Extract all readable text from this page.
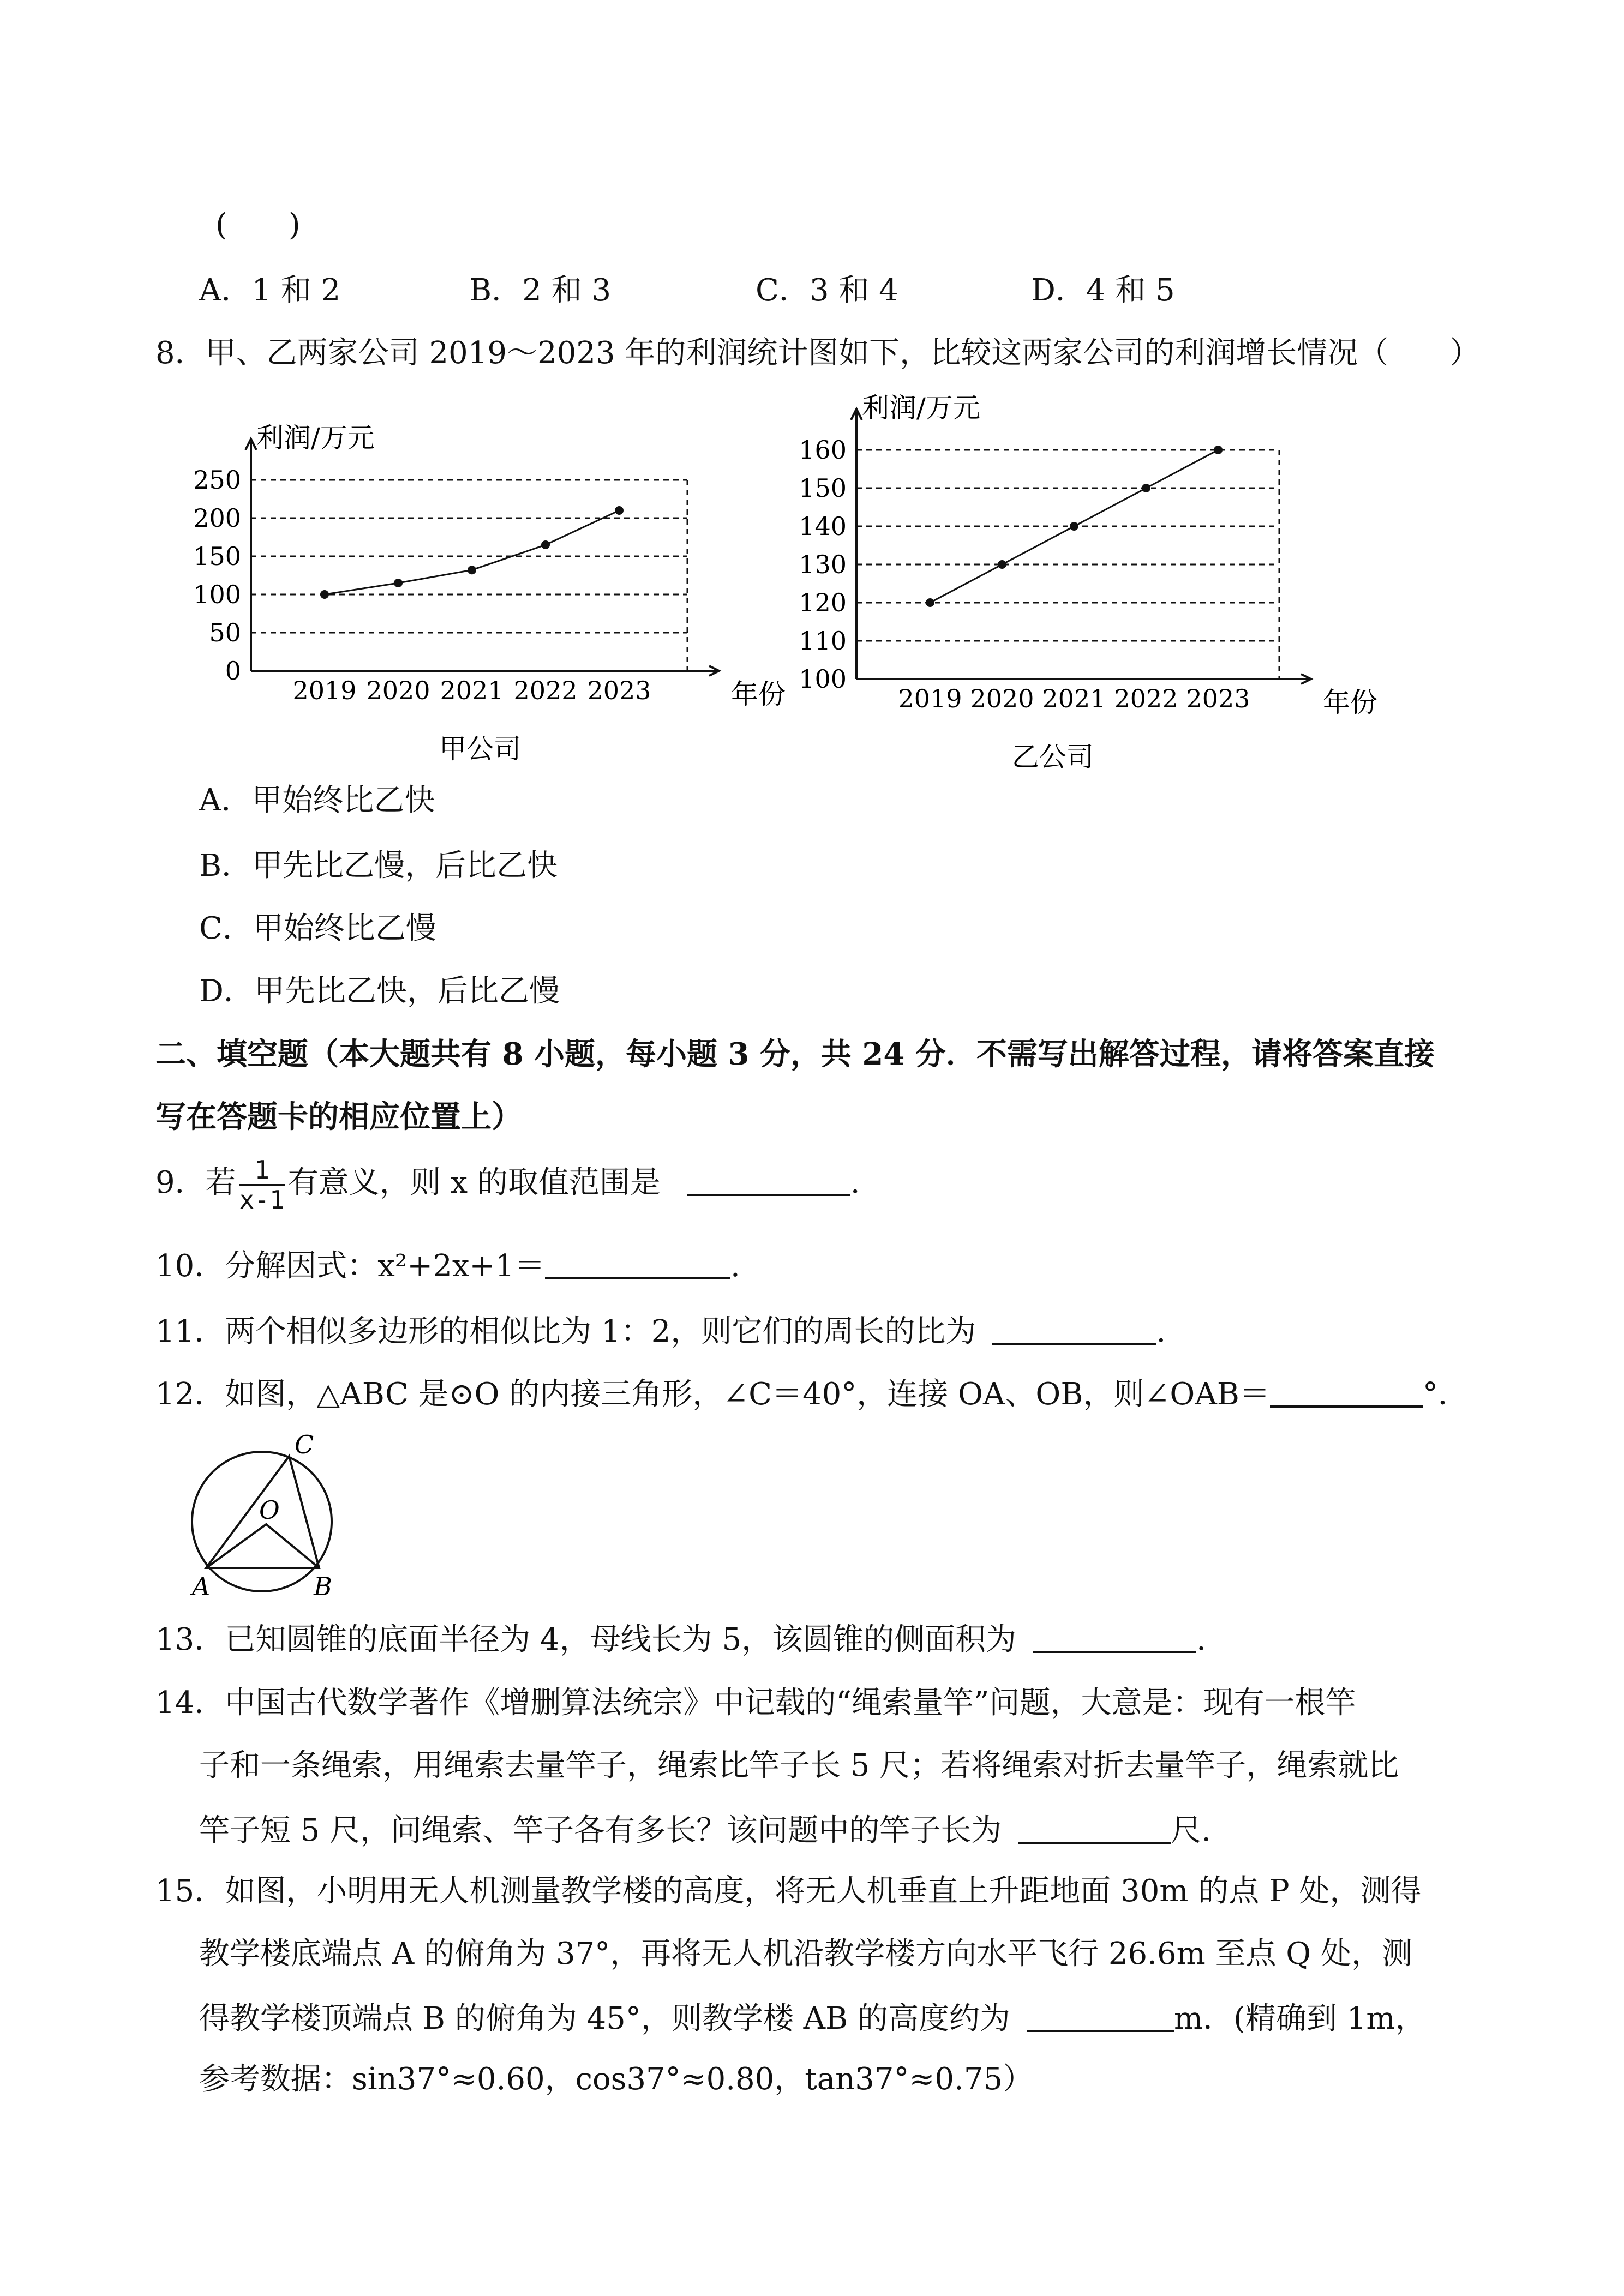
(　　)
A．1 和 2	B．2 和 3	C．3 和 4	D．4 和 5
8．甲、乙两家公司 2019～2023 年的利润统计图如下，比较这两家公司的利润增长情况（　　）
0
50
100
150
200
250
利润/万元
年份
2019 2020 2021 2022 2023
甲公司
100
110
120
130
140
150
160
利润/万元
年份
2019 2020 2021 2022 2023
乙公司
A．甲始终比乙快
B．甲先比乙慢，后比乙快
C．甲始终比乙慢
D．甲先比乙快，后比乙慢
二、填空题（本大题共有 8 小题，每小题 3 分，共 24 分．不需写出解答过程，请将答案直接
写在答题卡的相应位置上）
9．若 $\frac{1}{x-1}$ 有意义，则 x 的取值范围是	.
10．分解因式：x²+2x+1＝	.
11．两个相似多边形的相似比为 1：2，则它们的周长的比为	.
12．如图，△ABC 是⊙O 的内接三角形，∠C＝40°，连接 OA、OB，则∠OAB＝	°．
C
O
A	B
13．已知圆锥的底面半径为 4，母线长为 5，该圆锥的侧面积为	.
14．中国古代数学著作《增删算法统宗》中记载的“绳索量竿”问题，大意是：现有一根竿
子和一条绳索，用绳索去量竿子，绳索比竿子长 5 尺；若将绳索对折去量竿子，绳索就比
竿子短 5 尺，问绳索、竿子各有多长？该问题中的竿子长为	尺.
15．如图，小明用无人机测量教学楼的高度，将无人机垂直上升距地面 30m 的点 P 处，测得
教学楼底端点 A 的俯角为 37°，再将无人机沿教学楼方向水平飞行 26.6m 至点 Q 处，测
得教学楼顶端点 B 的俯角为 45°，则教学楼 AB 的高度约为	m．(精确到 1m，
参考数据：sin37°≈0.60，cos37°≈0.80，tan37°≈0.75）
